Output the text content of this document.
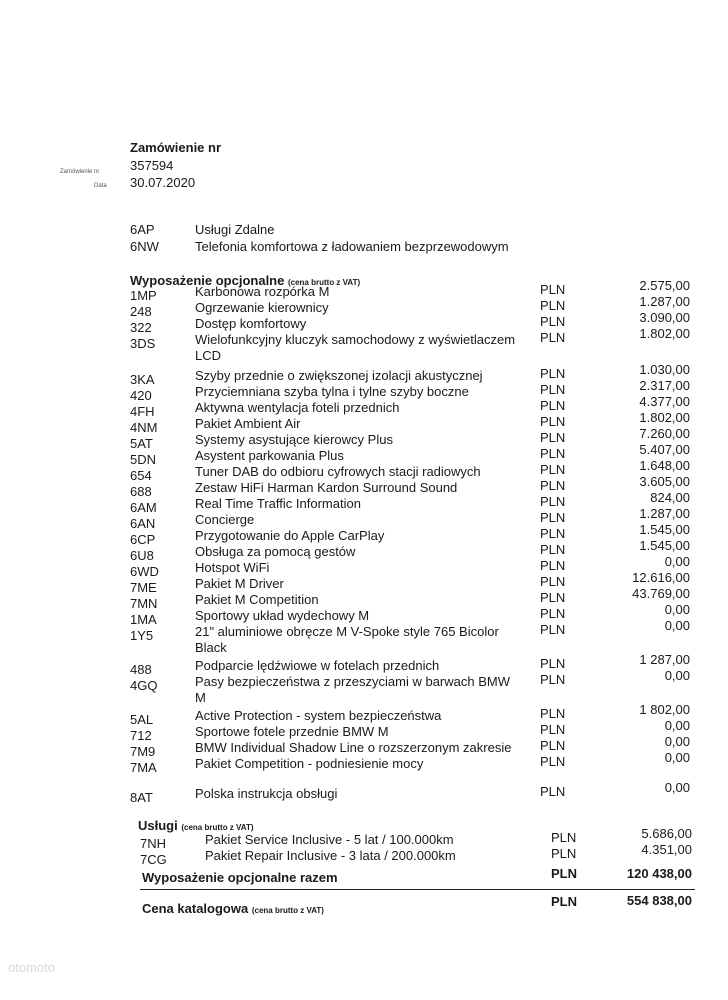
Zamówienie nr
Zamówienie nr 357594
Data 30.07.2020
6AP	Usługi Zdalne
6NW	Telefonia komfortowa z ładowaniem bezprzewodowym
Wyposażenie opcjonalne (cena brutto z VAT)
1MP	Karbonowa rozpórka M	PLN	2.575,00
248	Ogrzewanie kierownicy	PLN	1.287,00
322	Dostęp komfortowy	PLN	3.090,00
3DS	Wielofunkcyjny kluczyk samochodowy z wyświetlaczem
LCD
PLN	1.802,00
3KA	Szyby przednie o zwiększonej izolacji akustycznej	PLN	1.030,00
420	Przyciemniana szyba tylna i tylne szyby boczne	PLN	2.317,00
4FH	Aktywna wentylacja foteli przednich	PLN	4.377,00
4NM	Pakiet Ambient Air	PLN	1.802,00
5AT	Systemy asystujące kierowcy Plus	PLN	7.260,00
5DN	Asystent parkowania Plus	PLN	5.407,00
654	Tuner DAB do odbioru cyfrowych stacji radiowych	PLN	1.648,00
688	Zestaw HiFi Harman Kardon Surround Sound	PLN	3.605,00
6AM	Real Time Traffic Information	PLN	824,00
6AN	Concierge	PLN	1.287,00
6CP	Przygotowanie do Apple CarPlay	PLN	1.545,00
6U8	Obsługa za pomocą gestów	PLN	1.545,00
6WD	Hotspot WiFi	PLN	0,00
7ME	Pakiet M Driver	PLN	12.616,00
7MN	Pakiet M Competition	PLN	43.769,00
1MA	Sportowy układ wydechowy M	PLN	0,00
1Y5	21" aluminiowe obręcze M V-Spoke style 765 Bicolor
Black
PLN	0,00
488	Podparcie lędźwiowe w fotelach przednich	PLN	1 287,00
4GQ	Pasy bezpieczeństwa z przeszyciami w barwach BMW
M
PLN	0,00
5AL	Active Protection - system bezpieczeństwa	PLN	1 802,00
712	Sportowe fotele przednie BMW M	PLN	0,00
7M9	BMW Individual Shadow Line o rozszerzonym zakresie PLN	0,00
7MA	Pakiet Competition - podniesienie mocy	PLN	0,00
8AT	Polska instrukcja obsługi	PLN	0,00
Usługi (cena brutto z VAT)
7NH	Pakiet Service Inclusive - 5 lat / 100.000km	PLN	5.686,00
7CG	Pakiet Repair Inclusive - 3 lata / 200.000km	PLN	4.351,00
Wyposażenie opcjonalne razem	PLN	120 438,00
Cena katalogowa (cena brutto z VAT)
PLN	554 838,00
otomoto
